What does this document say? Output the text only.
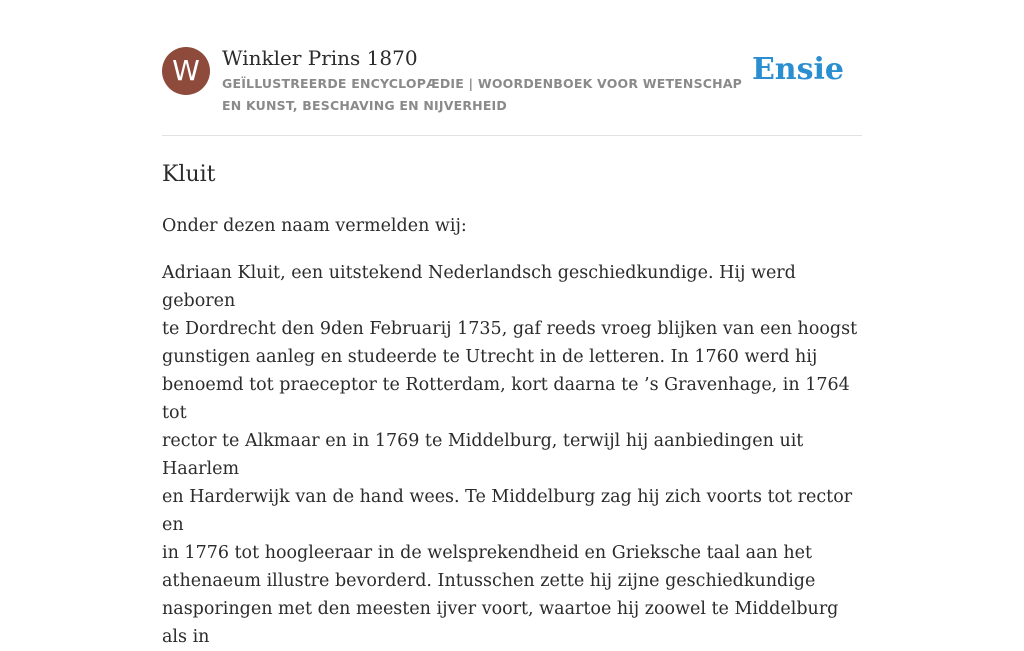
W	Winkler Prins 1870
GEÏLLUSTREERDE ENCYCLOPÆDIE | WOORDENBOEK VOOR WETENSCHAP EN KUNST, BESCHAVING EN NIJVERHEID
Ensie
Kluit

Onder dezen naam vermelden wij:

Adriaan Kluit, een uitstekend Nederlandsch geschiedkundige. Hij werd geboren
te Dordrecht den 9den Februarij 1735, gaf reeds vroeg blijken van een hoogst
gunstigen aanleg en studeerde te Utrecht in de letteren. In 1760 werd hij
benoemd tot praeceptor te Rotterdam, kort daarna te ’s Gravenhage, in 1764 tot
rector te Alkmaar en in 1769 te Middelburg, terwijl hij aanbiedingen uit Haarlem
en Harderwijk van de hand wees. Te Middelburg zag hij zich voorts tot rector en
in 1776 tot hoogleeraar in de welsprekendheid en Grieksche taal aan het
athenaeum illustre bevorderd. Intusschen zette hij zijne geschiedkundige
nasporingen met den meesten ijver voort, waartoe hij zoowel te Middelburg als in
